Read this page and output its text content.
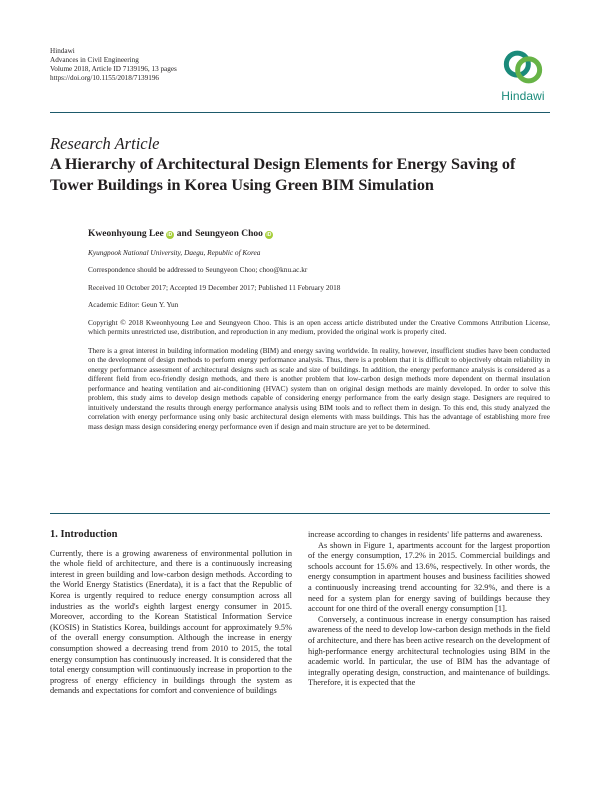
Hindawi
Advances in Civil Engineering
Volume 2018, Article ID 7139196, 13 pages
https://doi.org/10.1155/2018/7139196
Hindawi
Research Article
A Hierarchy of Architectural Design Elements for Energy Saving of Tower Buildings in Korea Using Green BIM Simulation
Kweonhyoung Lee iD and Seungyeon Choo iD
Kyungpook National University, Daegu, Republic of Korea
Correspondence should be addressed to Seungyeon Choo; choo@knu.ac.kr
Received 10 October 2017; Accepted 19 December 2017; Published 11 February 2018
Academic Editor: Geun Y. Yun
Copyright © 2018 Kweonhyoung Lee and Seungyeon Choo. This is an open access article distributed under the Creative Commons Attribution License, which permits unrestricted use, distribution, and reproduction in any medium, provided the original work is properly cited.
There is a great interest in building information modeling (BIM) and energy saving worldwide. In reality, however, insufficient studies have been conducted on the development of design methods to perform energy performance analysis. Thus, there is a problem that it is difficult to objectively obtain reliability in energy performance assessment of architectural designs such as scale and size of buildings. In addition, the energy performance analysis is considered as a different field from eco-friendly design methods, and there is another problem that low-carbon design methods more dependent on thermal insulation performance and heating ventilation and air-conditioning (HVAC) system than on original design methods are mainly developed. In order to solve this problem, this study aims to develop design methods capable of considering energy performance from the early design stage. Designers are required to intuitively understand the results through energy performance analysis using BIM tools and to reflect them in design. To this end, this study analyzed the correlation with energy performance using only basic architectural design elements with mass buildings. This has the advantage of establishing more free mass design mass design considering energy performance even if design and main structure are yet to be determined.
1. Introduction

Currently, there is a growing awareness of environmental pollution in the whole field of architecture, and there is a continuously increasing interest in green building and low-carbon design methods. According to the World Energy Statistics (Enerdata), it is a fact that the Republic of Korea is urgently required to reduce energy consumption across all industries as the world's eighth largest energy consumer in 2015. Moreover, according to the Korean Statistical Information Service (KOSIS) in Statistics Korea, buildings account for approximately 9.5% of the overall energy consumption. Although the increase in energy consumption showed a decreasing trend from 2010 to 2015, the total energy consumption has continuously increased. It is considered that the total energy consumption will continuously increase in proportion to the progress of energy efficiency in buildings through the system as demands and expectations for comfort and convenience of buildings

increase according to changes in residents' life patterns and awareness.

As shown in Figure 1, apartments account for the largest proportion of the energy consumption, 17.2% in 2015. Commercial buildings and schools account for 15.6% and 13.6%, respectively. In other words, the energy consumption in apartment houses and business facilities showed a continuously increasing trend accounting for 32.9%, and there is a need for a system plan for energy saving of buildings because they account for one third of the overall energy consumption [1].

Conversely, a continuous increase in energy consumption has raised awareness of the need to develop low-carbon design methods in the field of architecture, and there has been active research on the development of high-performance energy architectural technologies using BIM in the academic world. In particular, the use of BIM has the advantage of integrally operating design, construction, and maintenance of buildings. Therefore, it is expected that the
